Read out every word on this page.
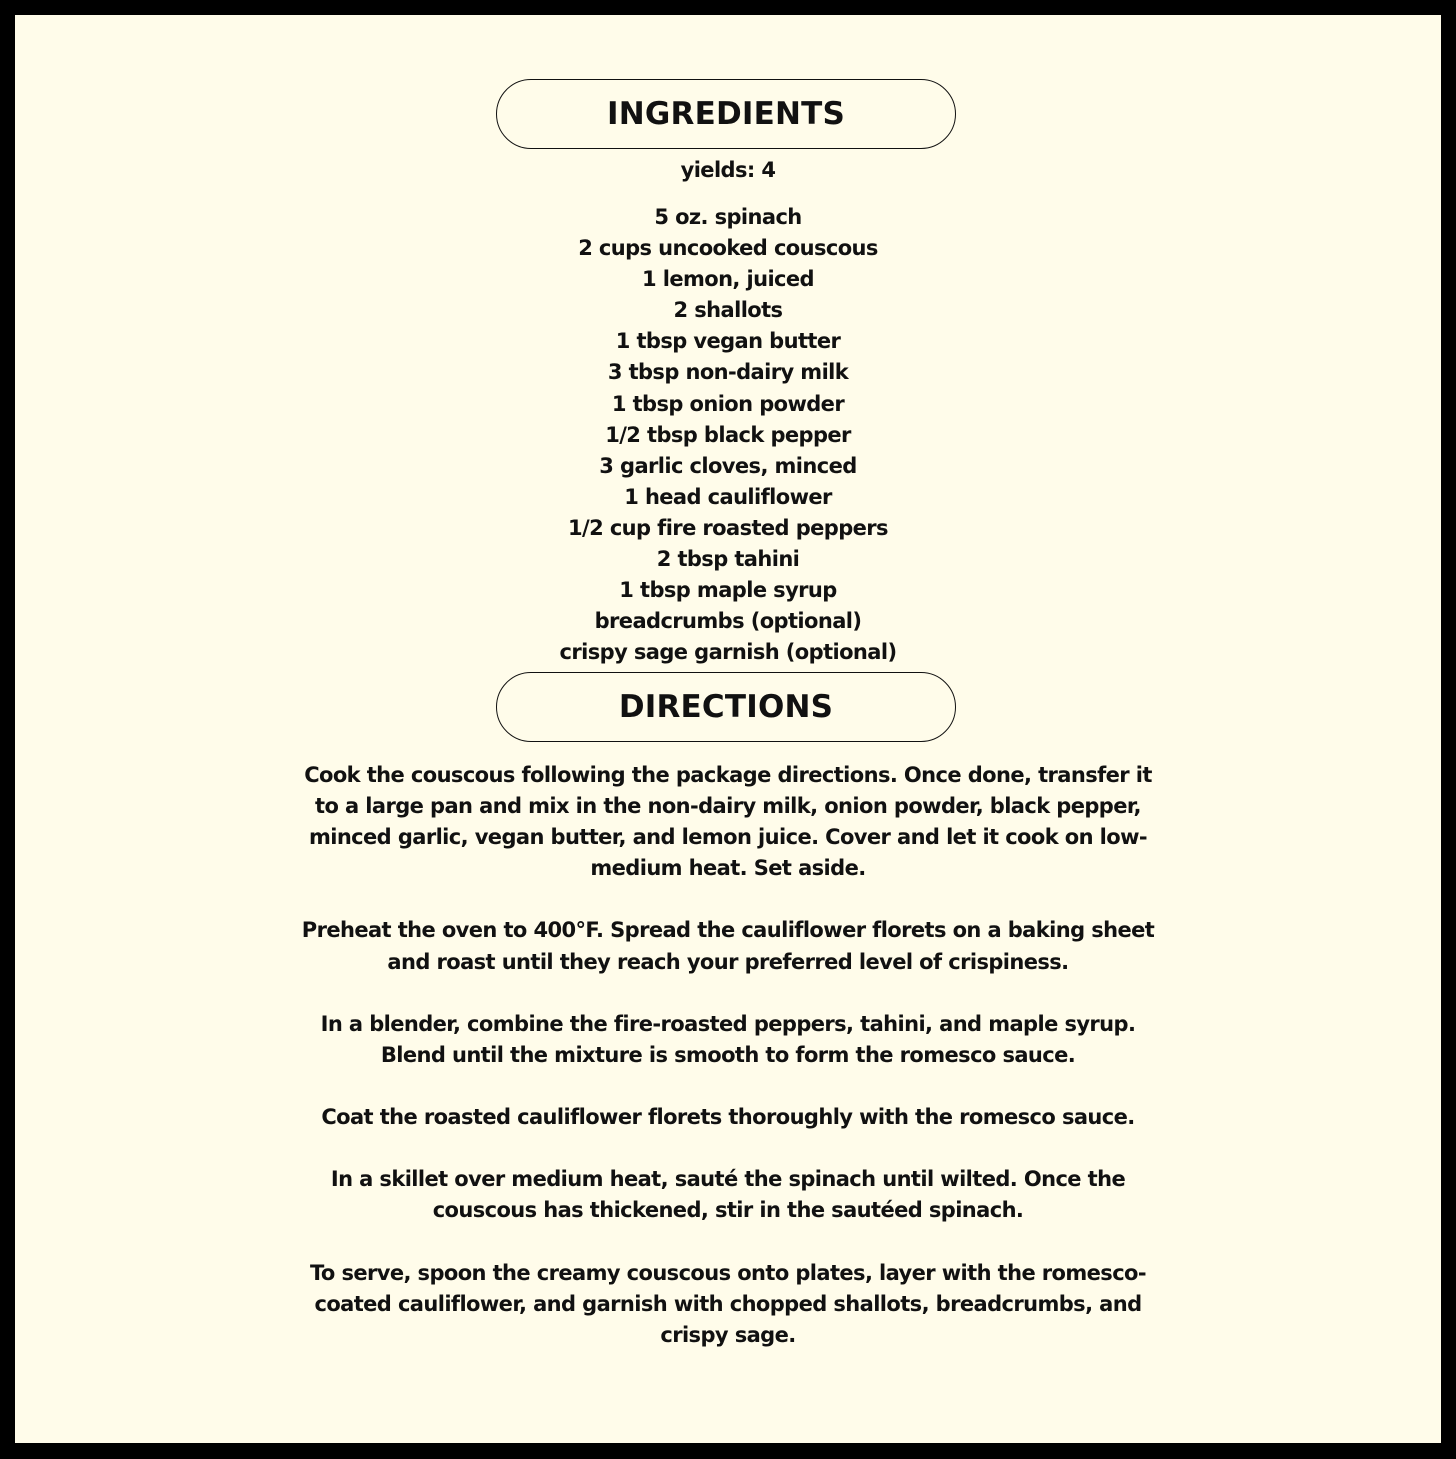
INGREDIENTS
yields: 4
5 oz. spinach
2 cups uncooked couscous
1 lemon, juiced
2 shallots
1 tbsp vegan butter
3 tbsp non-dairy milk
1 tbsp onion powder
1/2 tbsp black pepper
3 garlic cloves, minced
1 head cauliflower
1/2 cup fire roasted peppers
2 tbsp tahini
1 tbsp maple syrup
breadcrumbs (optional)
crispy sage garnish (optional)
DIRECTIONS

Cook the couscous following the package directions. Once done, transfer it to a large pan and mix in the non-dairy milk, onion powder, black pepper, minced garlic, vegan butter, and lemon juice. Cover and let it cook on low-medium heat. Set aside.

Preheat the oven to 400°F. Spread the cauliflower florets on a baking sheet and roast until they reach your preferred level of crispiness.

In a blender, combine the fire-roasted peppers, tahini, and maple syrup. Blend until the mixture is smooth to form the romesco sauce.

Coat the roasted cauliflower florets thoroughly with the romesco sauce.

In a skillet over medium heat, sauté the spinach until wilted. Once the couscous has thickened, stir in the sautéed spinach.

To serve, spoon the creamy couscous onto plates, layer with the romesco-coated cauliflower, and garnish with chopped shallots, breadcrumbs, and crispy sage.
